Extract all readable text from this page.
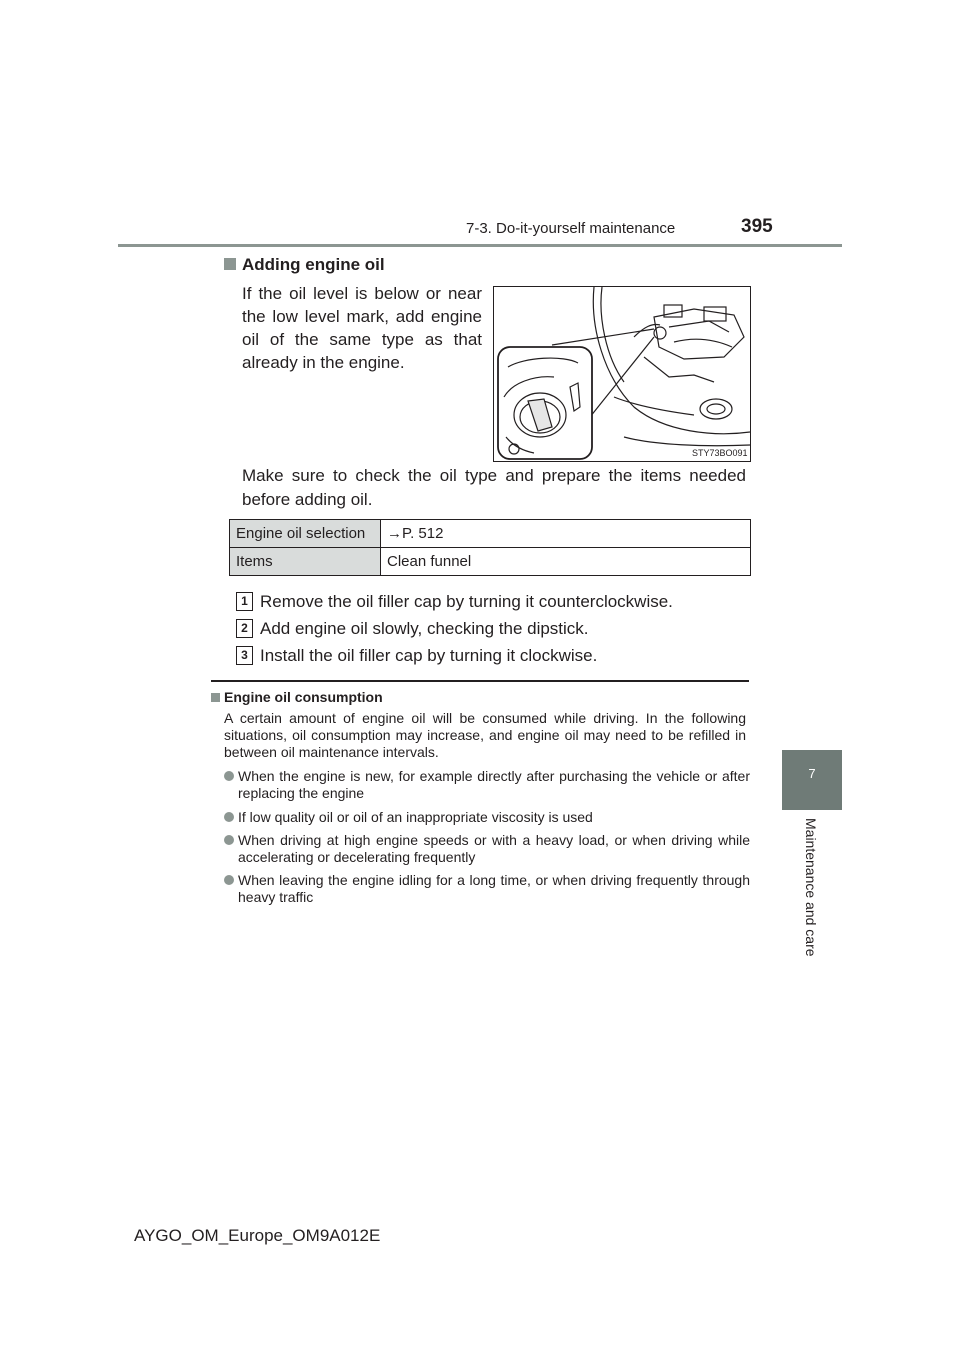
7-3. Do-it-yourself maintenance	395
7
Maintenance and care
Adding engine oil
If the oil level is below or near the low level mark, add engine oil of the same type as that already in the engine.
STY73BO091
Make sure to check the oil type and prepare the items needed before adding oil.
Engine oil selection	→P. 512
Items	Clean funnel
1 Remove the oil filler cap by turning it counterclockwise.
2 Add engine oil slowly, checking the dipstick.
3 Install the oil filler cap by turning it clockwise.
Engine oil consumption
A certain amount of engine oil will be consumed while driving. In the following situations, oil consumption may increase, and engine oil may need to be refilled in between oil maintenance intervals.
When the engine is new, for example directly after purchasing the vehicle or after replacing the engine
If low quality oil or oil of an inappropriate viscosity is used
When driving at high engine speeds or with a heavy load, or when driving while accelerating or decelerating frequently
When leaving the engine idling for a long time, or when driving frequently through heavy traffic
AYGO_OM_Europe_OM9A012E
